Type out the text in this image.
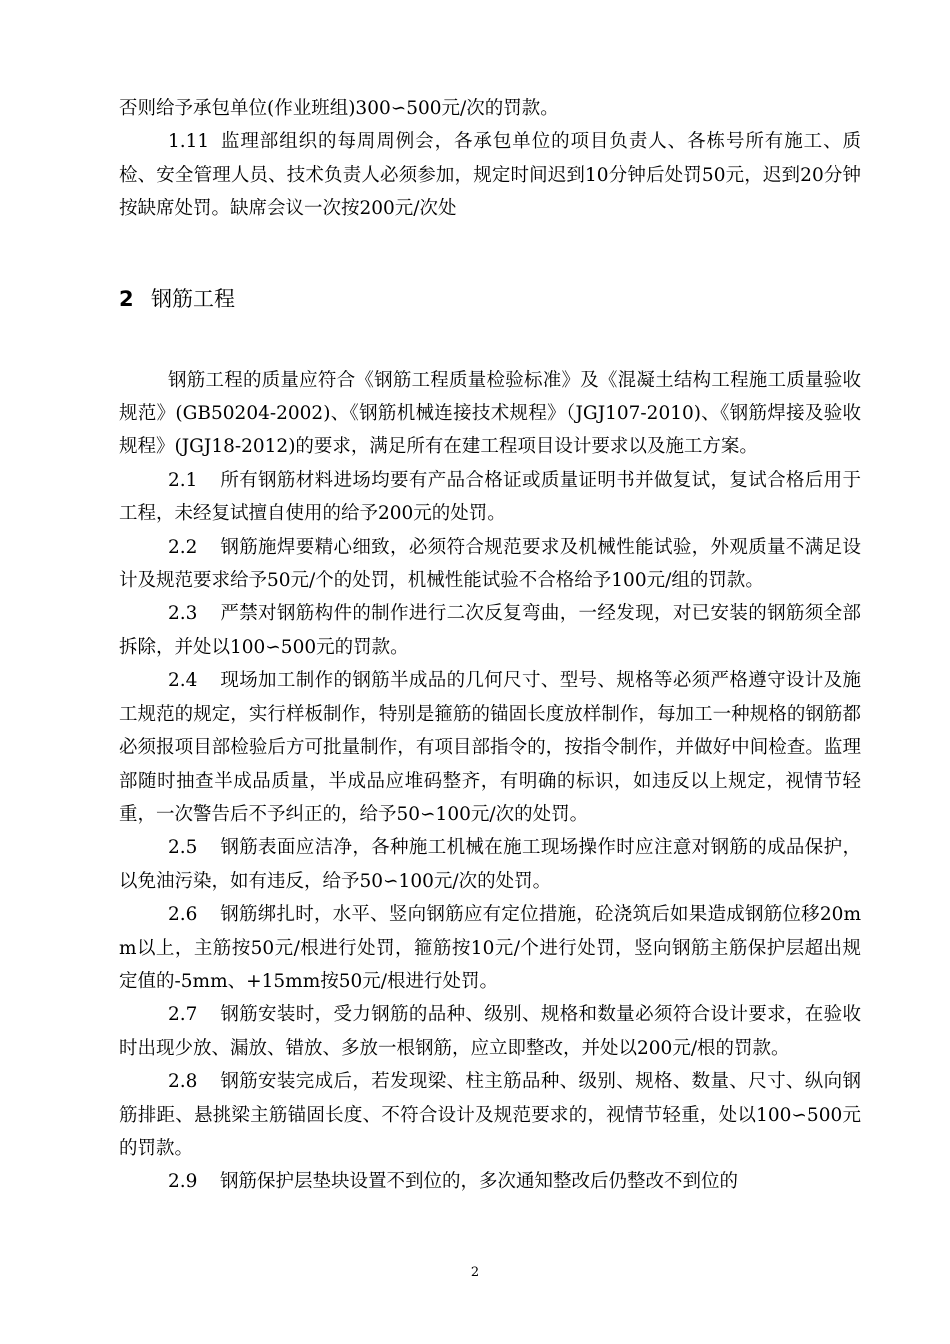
否则给予承包单位(作业班组)300∽500元/次的罚款。

1.11 监理部组织的每周周例会，各承包单位的项目负责人、各栋号所有施工、质检、安全管理人员、技术负责人必须参加，规定时间迟到10分钟后处罚50元，迟到20分钟按缺席处罚。缺席会议一次按200元/次处

2 钢筋工程

钢筋工程的质量应符合《钢筋工程质量检验标准》及《混凝土结构工程施工质量验收规范》(GB50204-2002)、《钢筋机械连接技术规程》（JGJ107-2010)、《钢筋焊接及验收规程》(JGJ18-2012)的要求，满足所有在建工程项目设计要求以及施工方案。

2.1 所有钢筋材料进场均要有产品合格证或质量证明书并做复试，复试合格后用于工程，未经复试擅自使用的给予200元的处罚。

2.2 钢筋施焊要精心细致，必须符合规范要求及机械性能试验，外观质量不满足设计及规范要求给予50元/个的处罚，机械性能试验不合格给予100元/组的罚款。

2.3 严禁对钢筋构件的制作进行二次反复弯曲，一经发现，对已安装的钢筋须全部拆除，并处以100∽500元的罚款。

2.4 现场加工制作的钢筋半成品的几何尺寸、型号、规格等必须严格遵守设计及施工规范的规定，实行样板制作，特别是箍筋的锚固长度放样制作，每加工一种规格的钢筋都必须报项目部检验后方可批量制作，有项目部指令的，按指令制作，并做好中间检查。监理部随时抽查半成品质量，半成品应堆码整齐，有明确的标识，如违反以上规定，视情节轻重，一次警告后不予纠正的，给予50∽100元/次的处罚。

2.5 钢筋表面应洁净，各种施工机械在施工现场操作时应注意对钢筋的成品保护，以免油污染，如有违反，给予50∽100元/次的处罚。

2.6 钢筋绑扎时，水平、竖向钢筋应有定位措施，砼浇筑后如果造成钢筋位移20mm以上，主筋按50元/根进行处罚，箍筋按10元/个进行处罚，竖向钢筋主筋保护层超出规定值的-5mm、+15mm按50元/根进行处罚。

2.7 钢筋安装时，受力钢筋的品种、级别、规格和数量必须符合设计要求，在验收时出现少放、漏放、错放、多放一根钢筋，应立即整改，并处以200元/根的罚款。

2.8 钢筋安装完成后，若发现梁、柱主筋品种、级别、规格、数量、尺寸、纵向钢筋排距、悬挑梁主筋锚固长度、不符合设计及规范要求的，视情节轻重，处以100∽500元的罚款。

2.9 钢筋保护层垫块设置不到位的，多次通知整改后仍整改不到位的

2
